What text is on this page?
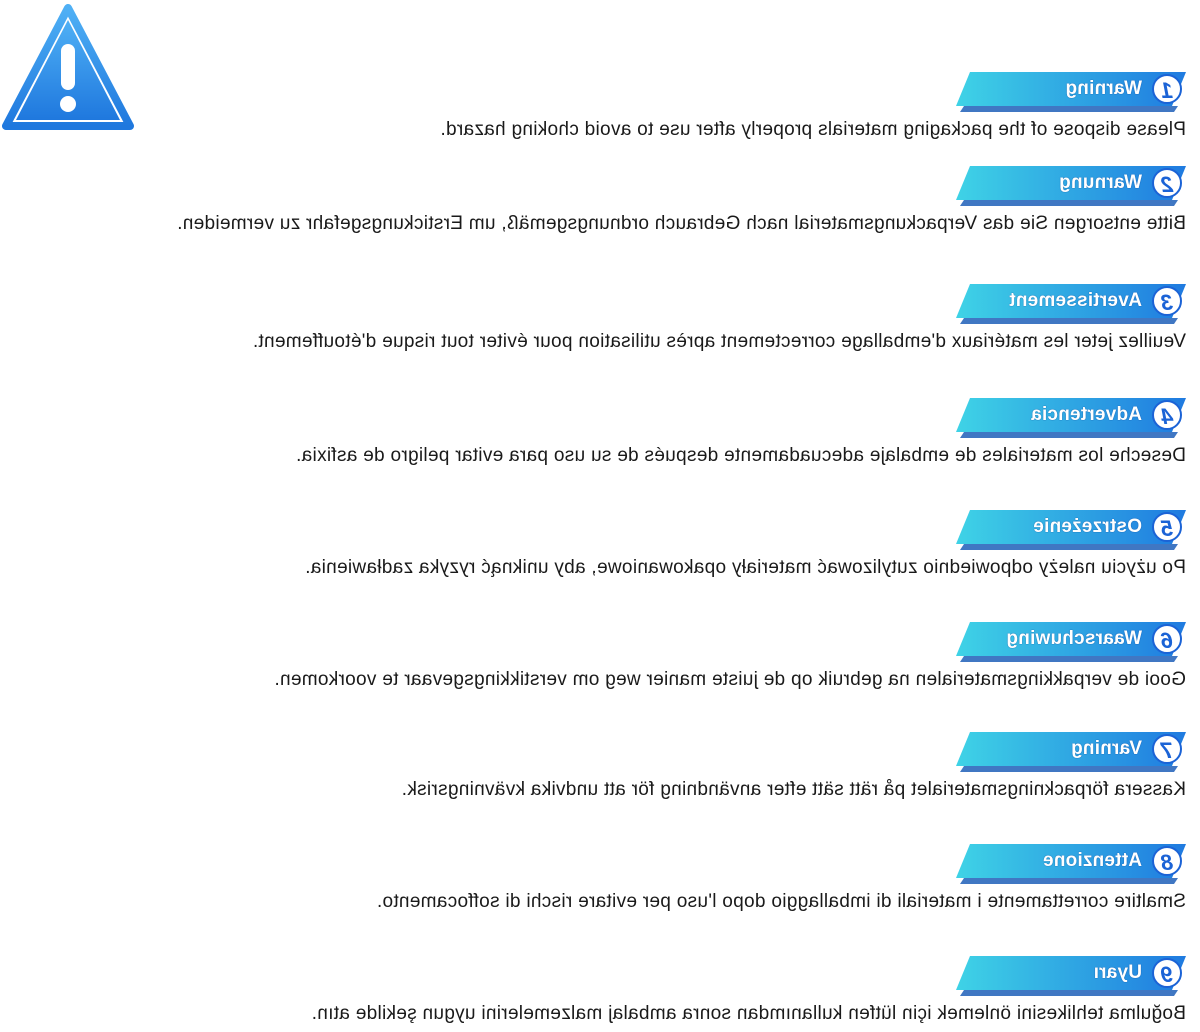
1
Warning
Please dispose of the packaging materials properly after use to avoid choking hazard.
2
Warnung
Bitte entsorgen Sie das Verpackungsmaterial nach Gebrauch ordnungsgemäß, um Erstickungsgefahr zu vermeiden.
3
Avertissement
Veuillez jeter les matériaux d'emballage correctement après utilisation pour éviter tout risque d'étouffement.
4
Advertencia
Deseche los materiales de embalaje adecuadamente después de su uso para evitar peligro de asfixia.
5
Ostrzeżenie
Po użyciu należy odpowiednio zutylizować materiały opakowaniowe, aby uniknąć ryzyka zadławienia.
6
Waarschuwing
Gooi de verpakkingsmaterialen na gebruik op de juiste manier weg om verstikkingsgevaar te voorkomen.
7
Varning
Kassera förpackningsmaterialet på rätt sätt efter användning för att undvika kvävningsrisk.
8
Attenzione
Smaltire correttamente i materiali di imballaggio dopo l'uso per evitare rischi di soffocamento.
9
Uyarı
Boğulma tehlikesini önlemek için lütfen kullanımdan sonra ambalaj malzemelerini uygun şekilde atın.
